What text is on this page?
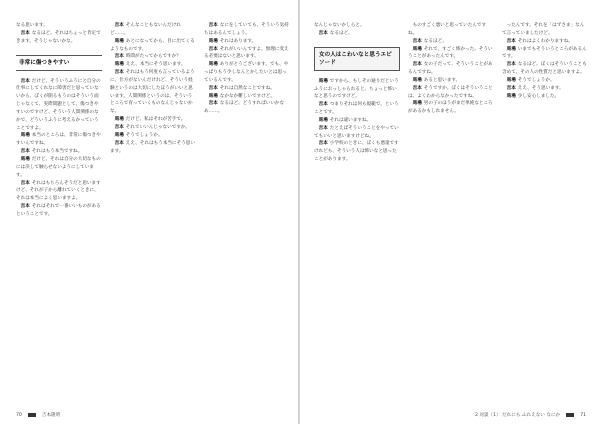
なる思います。

吉本 なるほど。それはちょっと肯定できます。そうじゃないかな。

非常に傷つきやすい

吉本 だけど、そういうふうにと自分の仕事にしてくれなに障害だと思っていないから、ぼくが開るもうのはそういう面じゃなくて、実際問題として、傷つきやすいのですけど、そういう人間関係のなかで、どういうふうに考えるかっていうことですよ。

馬場 本当のところは、非常に傷つきやすいんですね。

吉本 それはもう本当ですね。

馬場 だけど、それは自分の大切なものには決して触らせないようにしています。

吉本 それはもちろんそうだと思いますけど、それが子から離れていくときに、それは本当によく思いますよ。

吉本 それはそれで一番いいものがあるということです。

吉本 そんなこともないんだけれど……。

馬場 あとになってから、目に出てくるようなものです。

吉本 時間がたってからですか？

馬場 ええ、本当にそう思います。

吉本 それはもう何度も言っているように、仕方がないんだけれど、そういう経験というのは大切にしたほうがいいと思います。人間関係というのは、そういうところで育っていくものなんじゃないかな。

馬場 だけど、私はそれが苦手で。

吉本 それでいいんじゃないですか。

馬場 そうでしょうか。

吉本 ええ、それはもう本当にそう思います。

吉本 なにをしていても、そういう気持ちはあるんでしょう。

馬場 それはあります。

吉本 それがいいんですよ。無理に変える必要はないと思います。

馬場 ありがとうございます。でも、やっぱりもう少しなんとかしたいとは思っているんです。

吉本 それは自然なことですね。

馬場 なかなか難しいですけど。

吉本 なるほど。どうすればいいかなあ……。

70	吉本隆明

なんじゃないかしらと。

吉本 なるほど。

女の人はこわいなと思うエピソード

馬場 ですから、もしその通りだというふうにおっしゃられると、ちょっと怖いなと思うのですけど。

吉本 つまりそれは何も規範で、ということです。

馬場 それは違いますね。

吉本 たとえばそういうことをやっていてもいいと思いますけどね。

吉本 小学校のときに、ぼくも悪童ですけれども、そういう人は怖いなと思ったことがあります。

ものすごく悪いと思っていたんですね。

吉本 なるほど。

馬場 それで、すごく怖かった。そういうことがあったんです。

吉本 女の子だって、そういうことがあるんですね。

馬場 あると思います。

吉本 そうですか。ぼくはそういうことは、よくわからなかったですね。

馬場 男の子のほうがまだ単純なところがあるかもしれません。

ったんです。それを「はずさま」なんて言っていましたけど。

吉本 それはよくわかりますね。

馬場 いまでもそういうところがあるんです。

吉本 なるほど。ぼくはそういうことも含めて、その人の性質だと思いますよ。

馬場 そうでしょうか。

吉本 ええ、そう思います。

馬場 少し安心しました。

2 対談（1） だれにも ふれえない なにか	71
